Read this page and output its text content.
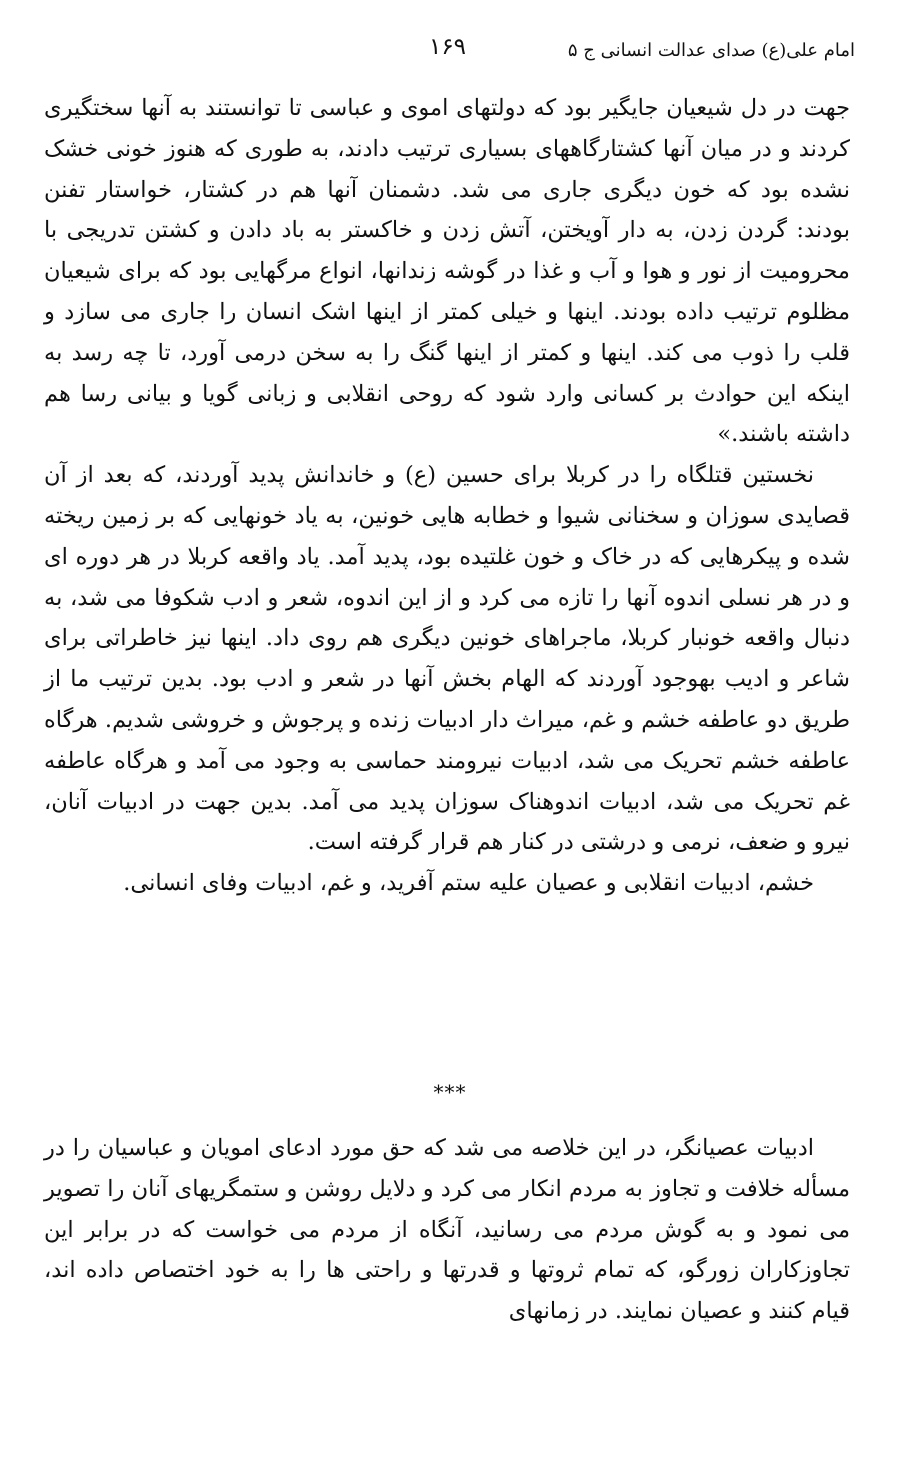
امام علی(ع) صدای عدالت انسانی ج ۵
۱۶۹

جهت در دل شیعیان جایگیر بود که دولتهای اموی و عباسی تا توانستند به آنها سختگیری کردند و در میان آنها کشتارگاههای بسیاری ترتیب دادند، به طوری که هنوز خونی خشک نشده بود که خون دیگری جاری می شد. دشمنان آنها هم در کشتار، خواستار تفنن بودند: گردن زدن، به دار آویختن، آتش زدن و خاکستر به باد دادن و کشتن تدریجی با محرومیت از نور و هوا و آب و غذا در گوشه زندانها، انواع مرگهایی بود که برای شیعیان مظلوم ترتیب داده بودند. اینها و خیلی کمتر از اینها اشک انسان را جاری می سازد و قلب را ذوب می کند. اینها و کمتر از اینها گنگ را به سخن درمی آورد، تا چه رسد به اینکه این حوادث بر کسانی وارد شود که روحی انقلابی و زبانی گویا و بیانی رسا هم داشته باشند.»

نخستین قتلگاه را در کربلا برای حسین (ع) و خاندانش پدید آوردند، که بعد از آن قصایدی سوزان و سخنانی شیوا و خطابه هایی خونین، به یاد خونهایی که بر زمین ریخته شده و پیکرهایی که در خاک و خون غلتیده بود، پدید آمد. یاد واقعه کربلا در هر دوره ای و در هر نسلی اندوه آنها را تازه می کرد و از این اندوه، شعر و ادب شکوفا می شد، به دنبال واقعه خونبار کربلا، ماجراهای خونین دیگری هم روی داد. اینها نیز خاطراتی برای شاعر و ادیب بهوجود آوردند که الهام بخش آنها در شعر و ادب بود. بدین ترتیب ما از طریق دو عاطفه خشم و غم، میراث دار ادبیات زنده و پرجوش و خروشی شدیم. هرگاه عاطفه خشم تحریک می شد، ادبیات نیرومند حماسی به وجود می آمد و هرگاه عاطفه غم تحریک می شد، ادبیات اندوهناک سوزان پدید می آمد. بدین جهت در ادبیات آنان، نیرو و ضعف، نرمی و درشتی در کنار هم قرار گرفته است.

خشم، ادبیات انقلابی و عصیان علیه ستم آفرید، و غم، ادبیات وفای انسانی.

***

ادبیات عصیانگر، در این خلاصه می شد که حق مورد ادعای امویان و عباسیان را در مسأله خلافت و تجاوز به مردم انکار می کرد و دلایل روشن و ستمگریهای آنان را تصویر می نمود و به گوش مردم می رسانید، آنگاه از مردم می خواست که در برابر این تجاوزکاران زورگو، که تمام ثروتها و قدرتها و راحتی ها را به خود اختصاص داده اند، قیام کنند و عصیان نمایند. در زمانهای
